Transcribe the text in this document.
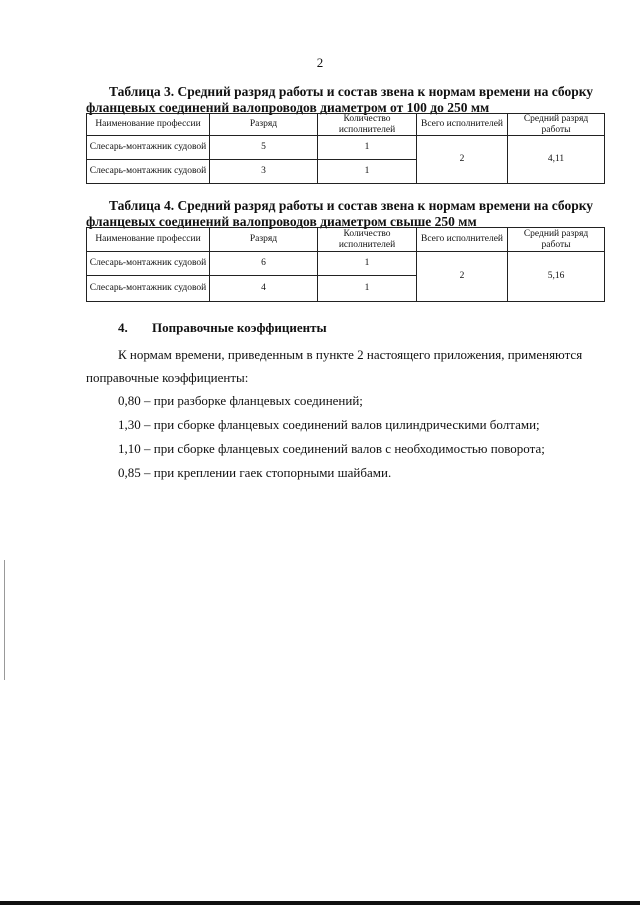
2
Таблица 3. Средний разряд работы и состав звена к нормам времени на сборку
фланцевых соединений валопроводов диаметром от 100 до 250 мм
Наименование профессии	Разряд	Количество исполнителей	Всего исполнителей	Средний разряд работы
Слесарь-монтажник судовой	5	1	2	4,11
Слесарь-монтажник судовой	3	1		
Таблица 4. Средний разряд работы и состав звена к нормам времени на сборку
фланцевых соединений валопроводов диаметром свыше 250 мм
Наименование профессии	Разряд	Количество исполнителей	Всего исполнителей	Средний разряд работы
Слесарь-монтажник судовой	6	1	2	5,16
Слесарь-монтажник судовой	4	1		
4. Поправочные коэффициенты
К нормам времени, приведенным в пункте 2 настоящего приложения, применяются
поправочные коэффициенты:
0,80 – при разборке фланцевых соединений;
1,30 – при сборке фланцевых соединений валов цилиндрическими болтами;
1,10 – при сборке фланцевых соединений валов с необходимостью поворота;
0,85 – при креплении гаек стопорными шайбами.
